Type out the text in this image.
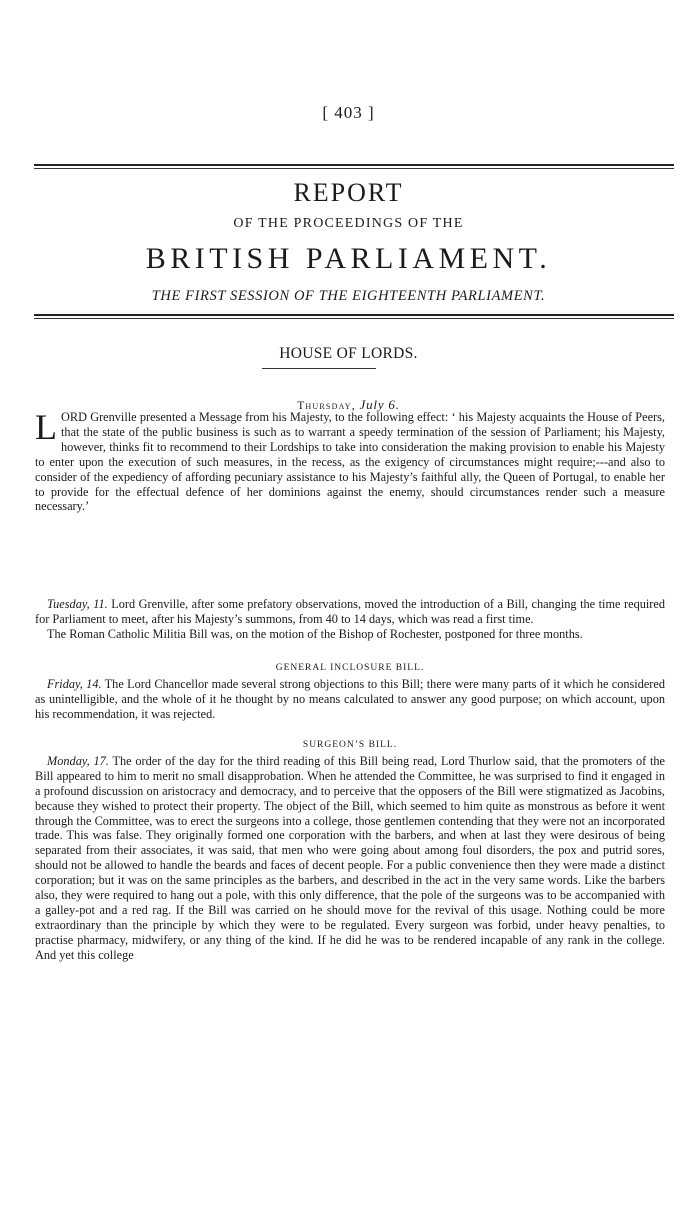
[ 403 ]
REPORT
OF THE PROCEEDINGS OF THE
BRITISH PARLIAMENT.
THE FIRST SESSION OF THE EIGHTEENTH PARLIAMENT.
HOUSE OF LORDS.
Thursday, July 6.

LORD Grenville presented a Message from his Majesty, to the following effect: ‘ his Majesty acquaints the House of Peers, that the state of the public business is such as to warrant a speedy termination of the session of Parliament; his Majesty, however, thinks fit to recommend to their Lordships to take into consideration the making provision to enable his Majesty to enter upon the execution of such measures, in the recess, as the exigency of circumstances might require;---and also to consider of the expediency of affording pecuniary assistance to his Majesty’s faithful ally, the Queen of Portugal, to enable her to provide for the effectual defence of her dominions against the enemy, should circumstances render such a measure necessary.’

Tuesday, 11. Lord Grenville, after some prefatory observations, moved the introduction of a Bill, changing the time required for Parliament to meet, after his Majesty’s summons, from 40 to 14 days, which was read a first time.

The Roman Catholic Militia Bill was, on the motion of the Bishop of Rochester, postponed for three months.

GENERAL INCLOSURE BILL.

Friday, 14. The Lord Chancellor made several strong objections to this Bill; there were many parts of it which he considered as unintelligible, and the whole of it he thought by no means calculated to answer any good purpose; on which account, upon his recommendation, it was rejected.

SURGEON’S BILL.

Monday, 17. The order of the day for the third reading of this Bill being read, Lord Thurlow said, that the promoters of the Bill appeared to him to merit no small disapprobation. When he attended the Committee, he was surprised to find it engaged in a profound discussion on aristocracy and democracy, and to perceive that the opposers of the Bill were stigmatized as Jacobins, because they wished to protect their property. The object of the Bill, which seemed to him quite as monstrous as before it went through the Committee, was to erect the surgeons into a college, those gentlemen contending that they were not an incorporated trade. This was false. They originally formed one corporation with the barbers, and when at last they were desirous of being separated from their associates, it was said, that men who were going about among foul disorders, the pox and putrid sores, should not be allowed to handle the beards and faces of decent people. For a public convenience then they were made a distinct corporation; but it was on the same principles as the barbers, and described in the act in the very same words. Like the barbers also, they were required to hang out a pole, with this only difference, that the pole of the surgeons was to be accompanied with a galley-pot and a red rag. If the Bill was carried on he should move for the revival of this usage. Nothing could be more extraordinary than the principle by which they were to be regulated. Every surgeon was forbid, under heavy penalties, to practise pharmacy, midwifery, or any thing of the kind. If he did he was to be rendered incapable of any rank in the college. And yet this college
